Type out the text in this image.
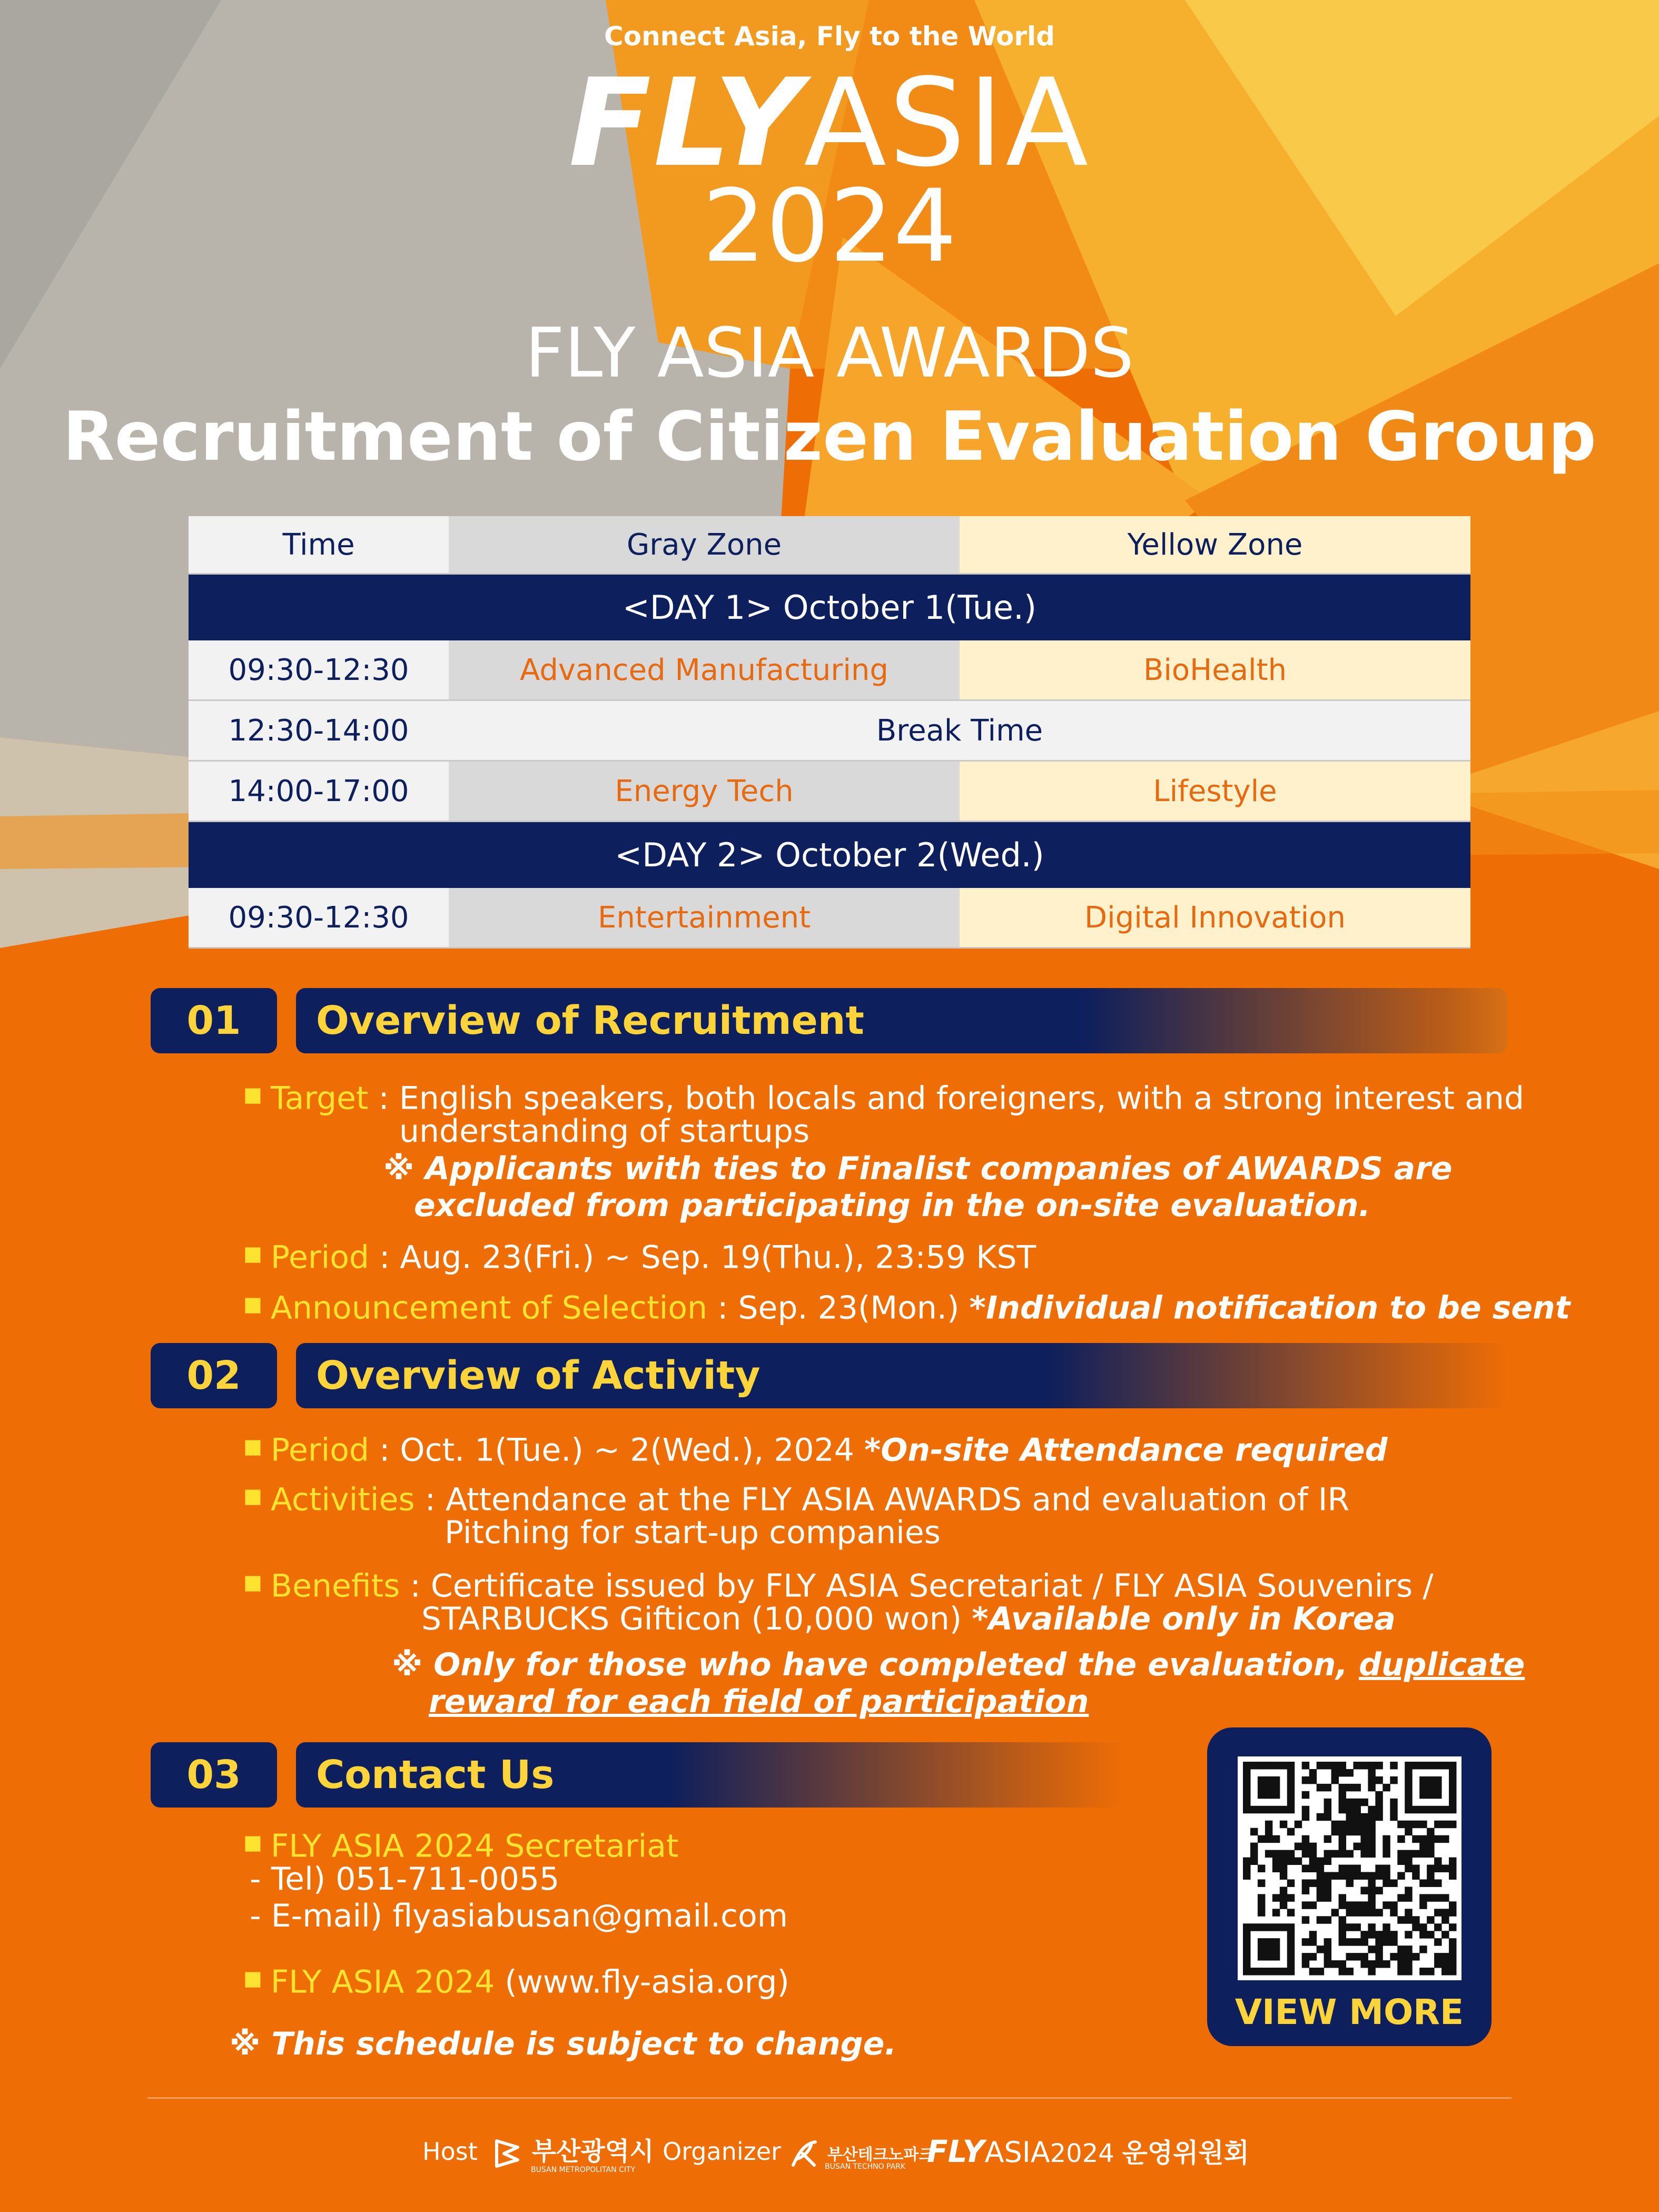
Connect Asia, Fly to the World
FLYASIA
2024
FLY ASIA AWARDS
Recruitment of Citizen Evaluation Group
Time	Gray Zone	Yellow Zone
<DAY 1> October 1(Tue.)		
09:30-12:30	Advanced Manufacturing	BioHealth
12:30-14:00	Break Time	
14:00-17:00	Energy Tech	Lifestyle
<DAY 2> October 2(Wed.)		
09:30-12:30	Entertainment	Digital Innovation
01	Overview of Recruitment
■ Target : English speakers, both locals and foreigners, with a strong interest and
understanding of startups
※ Applicants with ties to Finalist companies of AWARDS are
excluded from participating in the on-site evaluation.
■ Period : Aug. 23(Fri.) ~ Sep. 19(Thu.), 23:59 KST
■ Announcement of Selection : Sep. 23(Mon.) *Individual notification to be sent
02	Overview of Activity
■ Period : Oct. 1(Tue.) ~ 2(Wed.), 2024 *On-site Attendance required
■ Activities : Attendance at the FLY ASIA AWARDS and evaluation of IR
Pitching for start-up companies
■ Benefits : Certificate issued by FLY ASIA Secretariat / FLY ASIA Souvenirs /
STARBUCKS Gifticon (10,000 won) *Available only in Korea
※ Only for those who have completed the evaluation, duplicate
reward for each field of participation
03	Contact Us
■ FLY ASIA 2024 Secretariat
- Tel) 051-711-0055
- E-mail) flyasiabusan@gmail.com
■ FLY ASIA 2024 (www.fly-asia.org)
※ This schedule is subject to change.
VIEW MORE
Host	부산광역시
BUSAN METROPOLITAN CITY
Organizer	부산테크노파크
BUSAN TECHNO PARK FLYASIA2024 운영위원회
